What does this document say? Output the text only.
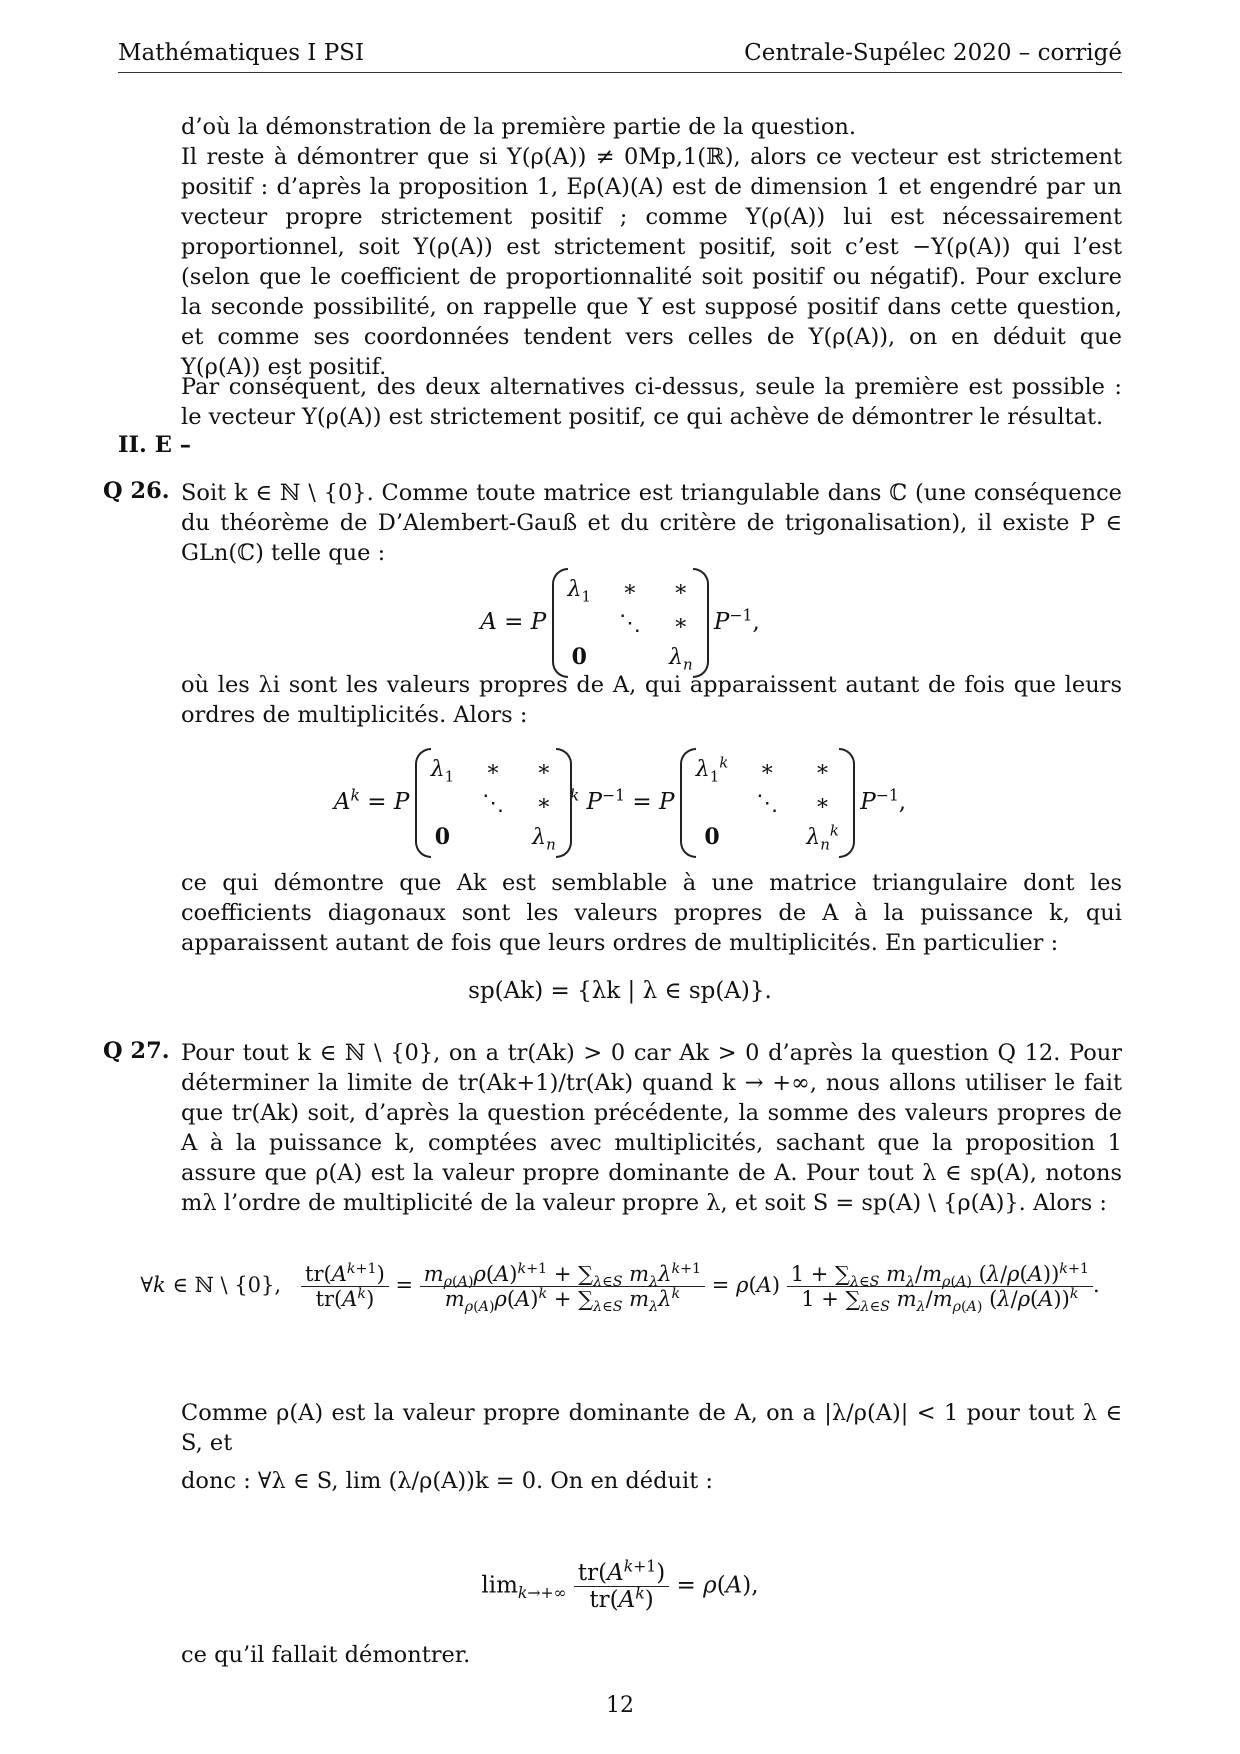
Mathématiques I PSI	Centrale-Supélec 2020 – corrigé
d’où la démonstration de la première partie de la question.
Il reste à démontrer que si Y(ρ(A)) ≠ 0Mp,1(ℝ), alors ce vecteur est strictement positif : d’après la proposition 1, Eρ(A)(A) est de dimension 1 et engendré par un vecteur propre strictement positif ; comme Y(ρ(A)) lui est nécessairement proportionnel, soit Y(ρ(A)) est strictement positif, soit c’est −Y(ρ(A)) qui l’est (selon que le coefficient de proportionnalité soit positif ou négatif). Pour exclure la seconde possibilité, on rappelle que Y est supposé positif dans cette question, et comme ses coordonnées tendent vers celles de Y(ρ(A)), on en déduit que Y(ρ(A)) est positif.
Par conséquent, des deux alternatives ci-dessus, seule la première est possible : le vecteur Y(ρ(A)) est strictement positif, ce qui achève de démontrer le résultat.
II. E –
Q 26. Soit k ∈ ℕ \ {0}. Comme toute matrice est triangulable dans ℂ (une conséquence du théorème de D’Alembert-Gauß et du critère de trigonalisation), il existe P ∈ GLn(ℂ) telle que :
A = P
$\lambda_1$	∗	∗
	⋱	∗
0		$\lambda_n$
$P^{-1}$,
où les λi sont les valeurs propres de A, qui apparaissent autant de fois que leurs ordres de multiplicités. Alors :
$A^k = P$
$\lambda_1$	∗	∗
	⋱	∗
0		$\lambda_n$
$^k$ $P^{-1} = P$
$\lambda_1^k$	∗	∗
	⋱	∗
0		$\lambda_n^k$
$P^{-1}$,
ce qui démontre que Ak est semblable à une matrice triangulaire dont les coefficients diagonaux sont les valeurs propres de A à la puissance k, qui apparaissent autant de fois que leurs ordres de multiplicités. En particulier :
sp(Ak) = {λk | λ ∈ sp(A)}.
Q 27. Pour tout k ∈ ℕ \ {0}, on a tr(Ak) > 0 car Ak > 0 d’après la question Q 12. Pour déterminer la limite de tr(Ak+1)/tr(Ak) quand k → +∞, nous allons utiliser le fait que tr(Ak) soit, d’après la question précédente, la somme des valeurs propres de A à la puissance k, comptées avec multiplicités, sachant que la proposition 1 assure que ρ(A) est la valeur propre dominante de A. Pour tout λ ∈ sp(A), notons mλ l’ordre de multiplicité de la valeur propre λ, et soit S = sp(A) \ {ρ(A)}. Alors :
∀k ∈ ℕ \ {0}, $\frac{tr(A^{k+1})}{tr(A^k)} = \frac{m_{\rho(A)}\rho(A)^{k+1} + \sum_{\lambda\in S} m_\lambda\lambda^{k+1}}{m_{\rho(A)}\rho(A)^k + \sum_{\lambda\in S} m_\lambda\lambda^k} = \rho(A) \frac{1 + \sum_{\lambda\in S} m_\lambda/m_{\rho(A)} (\lambda/\rho(A))^{k+1}}{1 + \sum_{\lambda\in S} m_\lambda/m_{\rho(A)} (\lambda/\rho(A))^k}$ .
Comme ρ(A) est la valeur propre dominante de A, on a |λ/ρ(A)| < 1 pour tout λ ∈ S, et
donc : ∀λ ∈ S, lim (λ/ρ(A))k = 0. On en déduit :
$\lim_{k\to+\infty} \frac{tr(A^{k+1})}{tr(A^k)} = \rho(A)$,
ce qu’il fallait démontrer.
12
